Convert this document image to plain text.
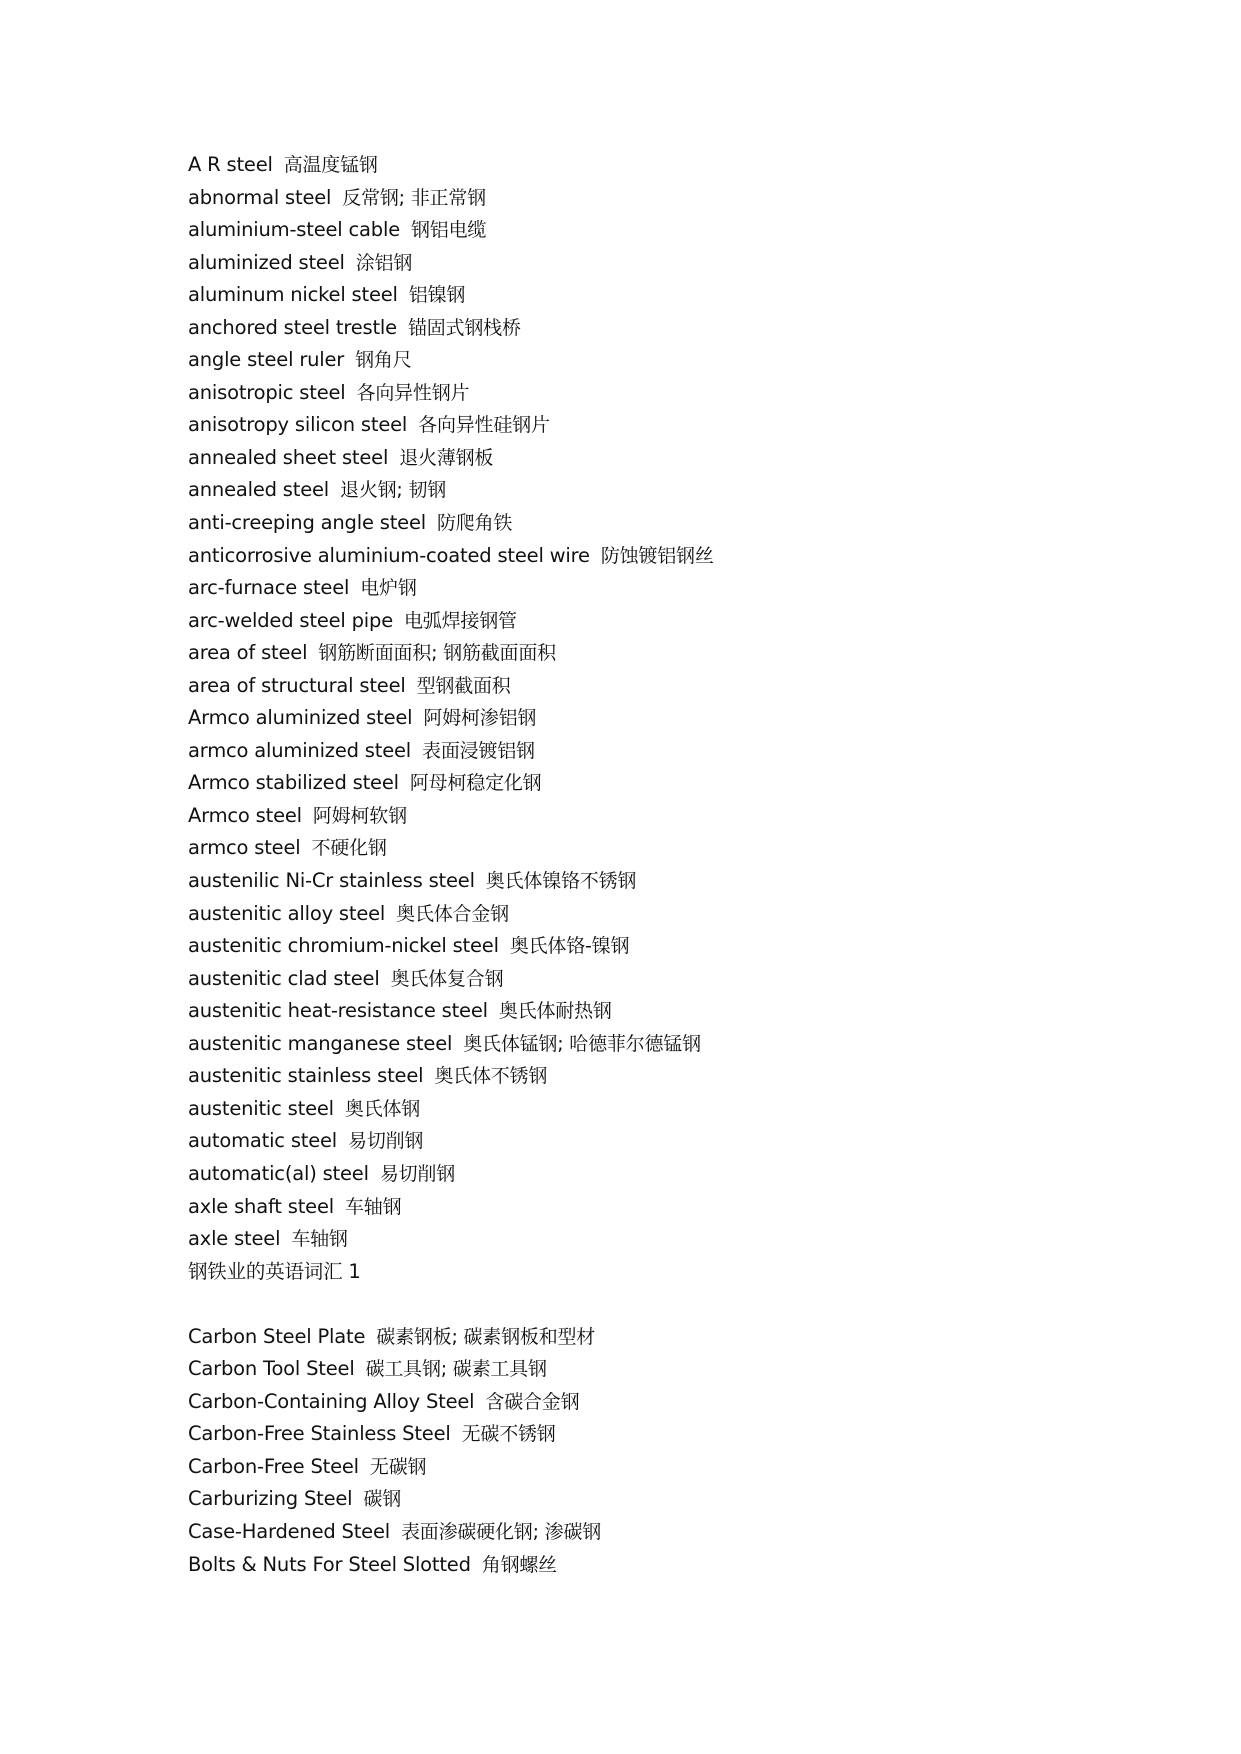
A R steel 高温度锰钢
abnormal steel 反常钢; 非正常钢
aluminium-steel cable 钢铝电缆
aluminized steel 涂铝钢
aluminum nickel steel 铝镍钢
anchored steel trestle 锚固式钢栈桥
angle steel ruler 钢角尺
anisotropic steel 各向异性钢片
anisotropy silicon steel 各向异性硅钢片
annealed sheet steel 退火薄钢板
annealed steel 退火钢; 韧钢
anti-creeping angle steel 防爬角铁
anticorrosive aluminium-coated steel wire 防蚀镀铝钢丝
arc-furnace steel 电炉钢
arc-welded steel pipe 电弧焊接钢管
area of steel 钢筋断面面积; 钢筋截面面积
area of structural steel 型钢截面积
Armco aluminized steel 阿姆柯渗铝钢
armco aluminized steel 表面浸镀铝钢
Armco stabilized steel 阿母柯稳定化钢
Armco steel 阿姆柯软钢
armco steel 不硬化钢
austenilic Ni-Cr stainless steel 奥氏体镍铬不锈钢
austenitic alloy steel 奥氏体合金钢
austenitic chromium-nickel steel 奥氏体铬-镍钢
austenitic clad steel 奥氏体复合钢
austenitic heat-resistance steel 奥氏体耐热钢
austenitic manganese steel 奥氏体锰钢; 哈德菲尔德锰钢
austenitic stainless steel 奥氏体不锈钢
austenitic steel 奥氏体钢
automatic steel 易切削钢
automatic(al) steel 易切削钢
axle shaft steel 车轴钢
axle steel 车轴钢
钢铁业的英语词汇 1
Carbon Steel Plate 碳素钢板; 碳素钢板和型材
Carbon Tool Steel 碳工具钢; 碳素工具钢
Carbon-Containing Alloy Steel 含碳合金钢
Carbon-Free Stainless Steel 无碳不锈钢
Carbon-Free Steel 无碳钢
Carburizing Steel 碳钢
Case-Hardened Steel 表面渗碳硬化钢; 渗碳钢
Bolts & Nuts For Steel Slotted 角钢螺丝
